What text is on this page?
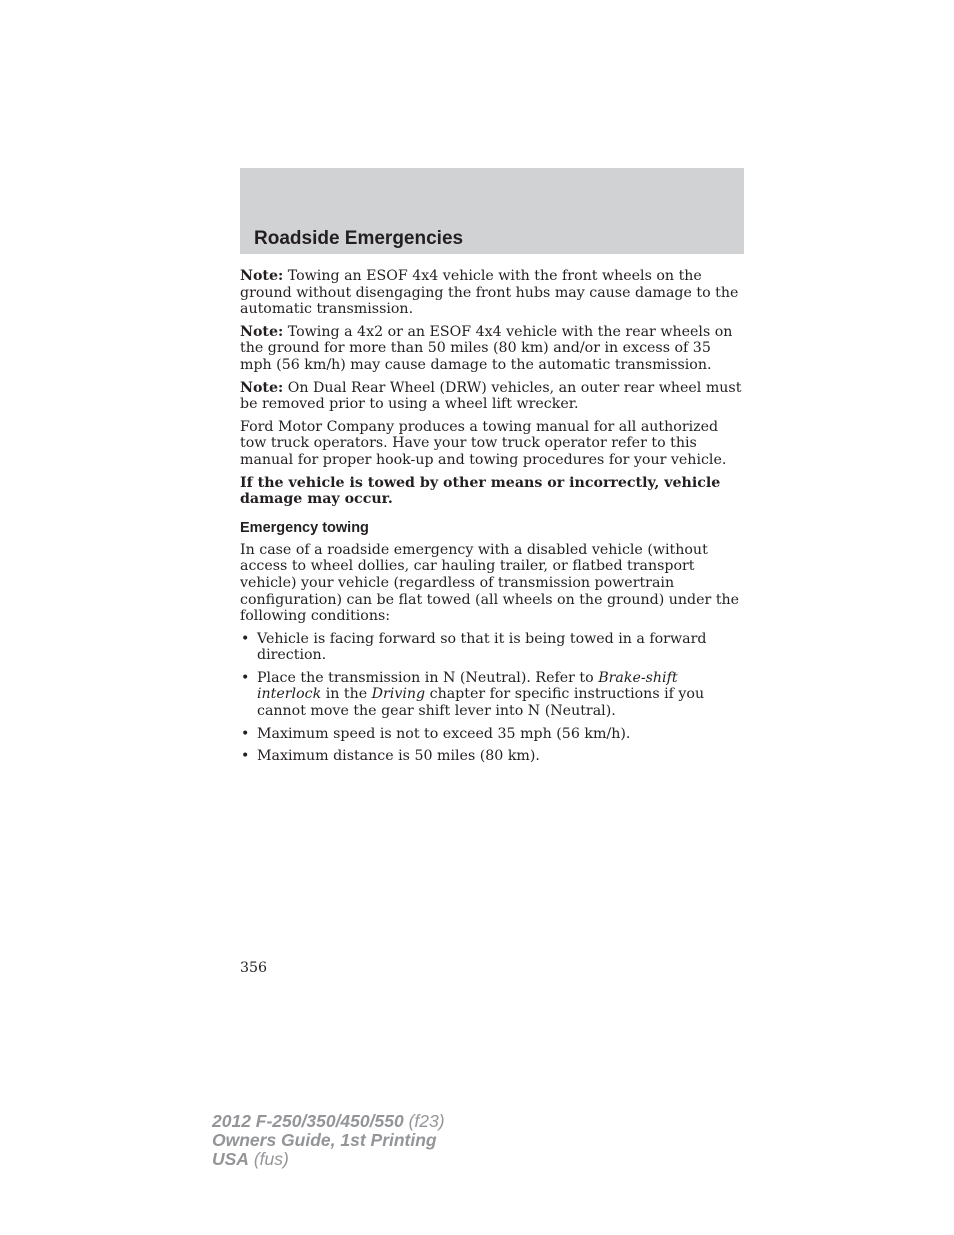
Roadside Emergencies

Note: Towing an ESOF 4x4 vehicle with the front wheels on the ground without disengaging the front hubs may cause damage to the automatic transmission.

Note: Towing a 4x2 or an ESOF 4x4 vehicle with the rear wheels on the ground for more than 50 miles (80 km) and/or in excess of 35 mph (56 km/h) may cause damage to the automatic transmission.

Note: On Dual Rear Wheel (DRW) vehicles, an outer rear wheel must be removed prior to using a wheel lift wrecker.

Ford Motor Company produces a towing manual for all authorized tow truck operators. Have your tow truck operator refer to this manual for proper hook-up and towing procedures for your vehicle.

If the vehicle is towed by other means or incorrectly, vehicle damage may occur.

Emergency towing

In case of a roadside emergency with a disabled vehicle (without access to wheel dollies, car hauling trailer, or flatbed transport vehicle) your vehicle (regardless of transmission powertrain configuration) can be flat towed (all wheels on the ground) under the following conditions:

• Vehicle is facing forward so that it is being towed in a forward direction.
• Place the transmission in N (Neutral). Refer to Brake-shift interlock in the Driving chapter for specific instructions if you cannot move the gear shift lever into N (Neutral).
• Maximum speed is not to exceed 35 mph (56 km/h).
• Maximum distance is 50 miles (80 km).
356
2012 F-250/350/450/550 (f23)
Owners Guide, 1st Printing
USA (fus)
